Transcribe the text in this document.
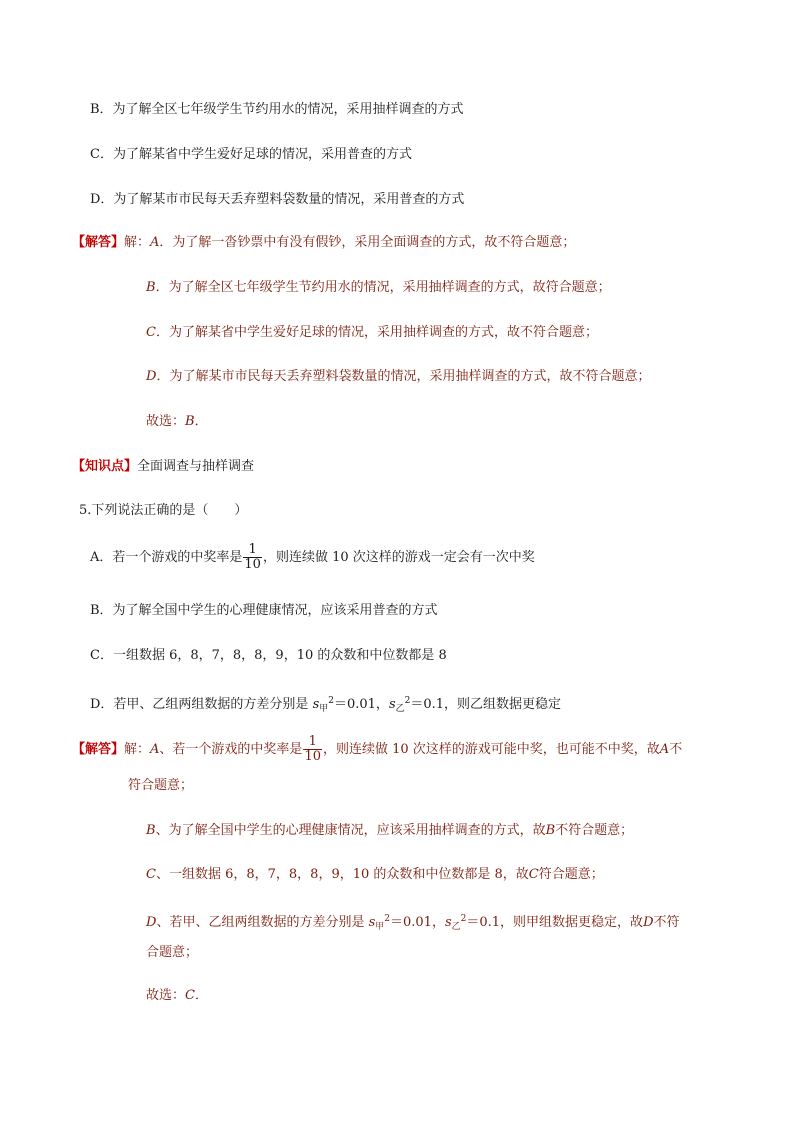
B．为了解全区七年级学生节约用水的情况，采用抽样调查的方式
C．为了解某省中学生爱好足球的情况，采用普查的方式
D．为了解某市市民每天丢弃塑料袋数量的情况，采用普查的方式
【解答】解：A．为了解一沓钞票中有没有假钞，采用全面调查的方式，故不符合题意；
B．为了解全区七年级学生节约用水的情况，采用抽样调查的方式，故符合题意；
C．为了解某省中学生爱好足球的情况，采用抽样调查的方式，故不符合题意；
D．为了解某市市民每天丢弃塑料袋数量的情况，采用抽样调查的方式，故不符合题意；
故选：B．
【知识点】全面调查与抽样调查
5.下列说法正确的是（　　）
A．若一个游戏的中奖率是 $\frac{1}{10}$ ，则连续做 10 次这样的游戏一定会有一次中奖
B．为了解全国中学生的心理健康情况，应该采用普查的方式
C．一组数据 6，8，7，8，8，9，10 的众数和中位数都是 8
D．若甲、乙组两组数据的方差分别是 $s_甲^2=0.01$，$s_乙^2=0.1$，则乙组数据更稳定
【解答】解：A、若一个游戏的中奖率是 $\frac{1}{10}$ ，则连续做 10 次这样的游戏可能中奖，也可能不中奖，故A不
符合题意；
B、为了解全国中学生的心理健康情况，应该采用抽样调查的方式，故B不符合题意；
C、一组数据 6，8，7，8，8，9，10 的众数和中位数都是 8，故C符合题意；
D、若甲、乙组两组数据的方差分别是 $s_甲^2=0.01$，$s_乙^2=0.1$，则甲组数据更稳定，故D不符
合题意；
故选：C．
